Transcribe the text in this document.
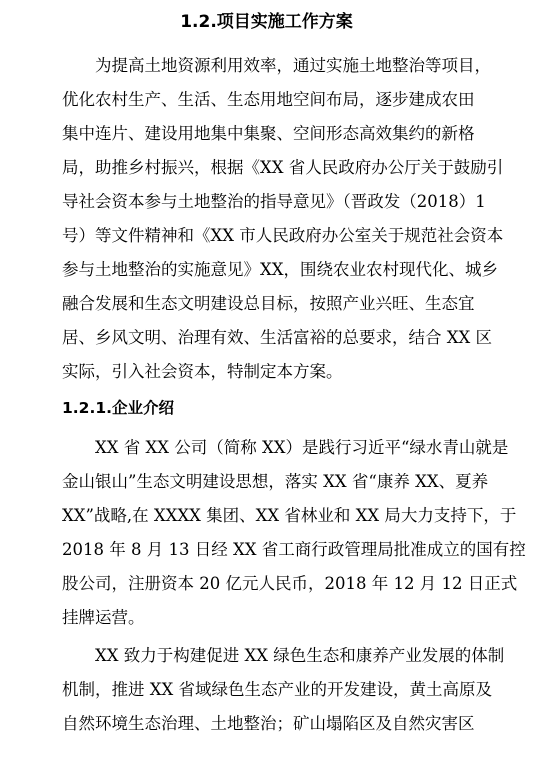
1.2.项目实施工作方案
为提高土地资源利用效率，通过实施土地整治等项目，
优化农村生产、生活、生态用地空间布局，逐步建成农田
集中连片、建设用地集中集聚、空间形态高效集约的新格
局，助推乡村振兴，根据《XX 省人民政府办公厅关于鼓励引
导社会资本参与土地整治的指导意见》（晋政发（2018）1
号）等文件精神和《XX 市人民政府办公室关于规范社会资本
参与土地整治的实施意见》XX，围绕农业农村现代化、城乡
融合发展和生态文明建设总目标，按照产业兴旺、生态宜
居、乡风文明、治理有效、生活富裕的总要求，结合 XX 区
实际，引入社会资本，特制定本方案。
1.2.1.企业介绍
XX 省 XX 公司（简称 XX）是践行习近平“绿水青山就是
金山银山”生态文明建设思想，落实 XX 省“康养 XX、夏养
XX”战略,在 XXXX 集团、XX 省林业和 XX 局大力支持下，于
2018 年 8 月 13 日经 XX 省工商行政管理局批准成立的国有控
股公司，注册资本 20 亿元人民币，2018 年 12 月 12 日正式
挂牌运营。
XX 致力于构建促进 XX 绿色生态和康养产业发展的体制
机制，推进 XX 省域绿色生态产业的开发建设，黄土高原及
自然环境生态治理、土地整治；矿山塌陷区及自然灾害区
